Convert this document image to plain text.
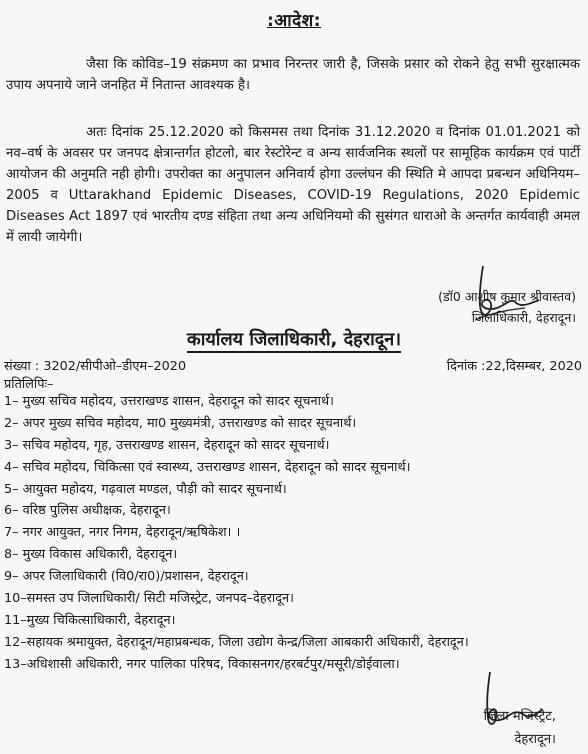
:आदेश:
जैसा कि कोविड–19 संक्रमण का प्रभाव निरन्तर जारी है, जिसके प्रसार को रोकने हेतु सभी सुरक्षात्मक उपाय अपनाये जाने जनहित में नितान्त आवश्यक है।
अतः दिनांक 25.12.2020 को किसमस तथा दिनांक 31.12.2020 व दिनांक 01.01.2021 को नव–वर्ष के अवसर पर जनपद क्षेत्रान्तर्गत होटलो, बार रेस्टोरेन्ट व अन्य सार्वजनिक स्थलों पर सामूहिक कार्यक्रम एवं पार्टी आयोजन की अनुमति नही होगी। उपरोक्त का अनुपालन अनिवार्य होगा उल्लंघन की स्थिति मे आपदा प्रबन्धन अधिनियम–2005 व Uttarakhand Epidemic Diseases, COVID-19 Regulations, 2020 Epidemic Diseases Act 1897 एवं भारतीय दण्ड संहिता तथा अन्य अधिनियमो की सुसंगत धाराओ के अन्तर्गत कार्यवाही अमल में लायी जायेगी।
(डॉ0 आशीष कुमार श्रीवास्तव)
जिलाधिकारी, देहरादून।
कार्यालय जिलाधिकारी, देहरादून।
संख्या : 3202/सीपीओ–डीएम–2020	दिनांक :22,दिसम्बर, 2020
प्रतिलिपिः–
1– मुख्य सचिव महोदय, उत्तराखण्ड शासन, देहरादून को सादर सूचनार्थ।
2– अपर मुख्य सचिव महोदय, मा0 मुख्यमंत्री, उत्तराखण्ड को सादर सूचनार्थ।
3– सचिव महोदय, गृह, उत्तराखण्ड शासन, देहरादून को सादर सूचनार्थ।
4– सचिव महोदय, चिकित्सा एवं स्वास्थ्य, उत्तराखण्ड शासन, देहरादून को सादर सूचनार्थ।
5– आयुक्त महोदय, गढ़वाल मण्डल, पौड़ी को सादर सूचनार्थ।
6– वरिष्ठ पुलिस अधीक्षक, देहरादून।
7– नगर आयुक्त, नगर निगम, देहरादून/ऋषिकेश। ।
8– मुख्य विकास अधिकारी, देहरादून।
9– अपर जिलाधिकारी (वि0/रा0)/प्रशासन, देहरादून।
10–समस्त उप जिलाधिकारी/ सिटी मजिस्ट्रेट, जनपद–देहरादून।
11–मुख्य चिकित्साधिकारी, देहरादून।
12–सहायक श्रमायुक्त, देहरादून/महाप्रबन्धक, जिला उद्योग केन्द्र/जिला आबकारी अधिकारी, देहरादून।
13–अधिशासी अधिकारी, नगर पालिका परिषद, विकासनगर/हरबर्टपुर/मसूरी/डोईवाला।
जिला मजिस्ट्रेट,
देहरादून।
